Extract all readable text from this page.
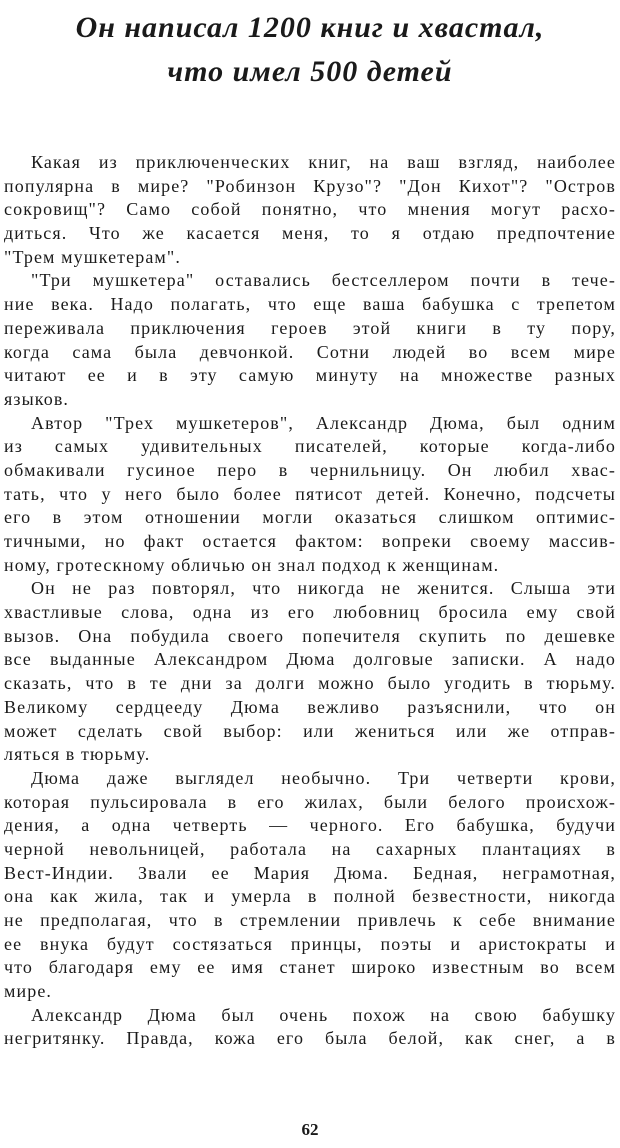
Он написал 1200 книг и хвастал,
что имел 500 детей
Какая из приключенческих книг, на ваш взгляд, наиболее
популярна в мире? "Робинзон Крузо"? "Дон Кихот"? "Остров
сокровищ"? Само собой понятно, что мнения могут расхо-
диться. Что же касается меня, то я отдаю предпочтение
"Трем мушкетерам".
"Три мушкетера" оставались бестселлером почти в тече-
ние века. Надо полагать, что еще ваша бабушка с трепетом
переживала приключения героев этой книги в ту пору,
когда сама была девчонкой. Сотни людей во всем мире
читают ее и в эту самую минуту на множестве разных
языков.
Автор "Трех мушкетеров", Александр Дюма, был одним
из самых удивительных писателей, которые когда-либо
обмакивали гусиное перо в чернильницу. Он любил хвас-
тать, что у него было более пятисот детей. Конечно, подсчеты
его в этом отношении могли оказаться слишком оптимис-
тичными, но факт остается фактом: вопреки своему массив-
ному, гротескному обличью он знал подход к женщинам.
Он не раз повторял, что никогда не женится. Слыша эти
хвастливые слова, одна из его любовниц бросила ему свой
вызов. Она побудила своего попечителя скупить по дешевке
все выданные Александром Дюма долговые записки. А надо
сказать, что в те дни за долги можно было угодить в тюрьму.
Великому сердцееду Дюма вежливо разъяснили, что он
может сделать свой выбор: или жениться или же отправ-
ляться в тюрьму.
Дюма даже выглядел необычно. Три четверти крови,
которая пульсировала в его жилах, были белого происхож-
дения, а одна четверть — черного. Его бабушка, будучи
черной невольницей, работала на сахарных плантациях в
Вест-Индии. Звали ее Мария Дюма. Бедная, неграмотная,
она как жила, так и умерла в полной безвестности, никогда
не предполагая, что в стремлении привлечь к себе внимание
ее внука будут состязаться принцы, поэты и аристократы и
что благодаря ему ее имя станет широко известным во всем
мире.
Александр Дюма был очень похож на свою бабушку
негритянку. Правда, кожа его была белой, как снег, а в
62
